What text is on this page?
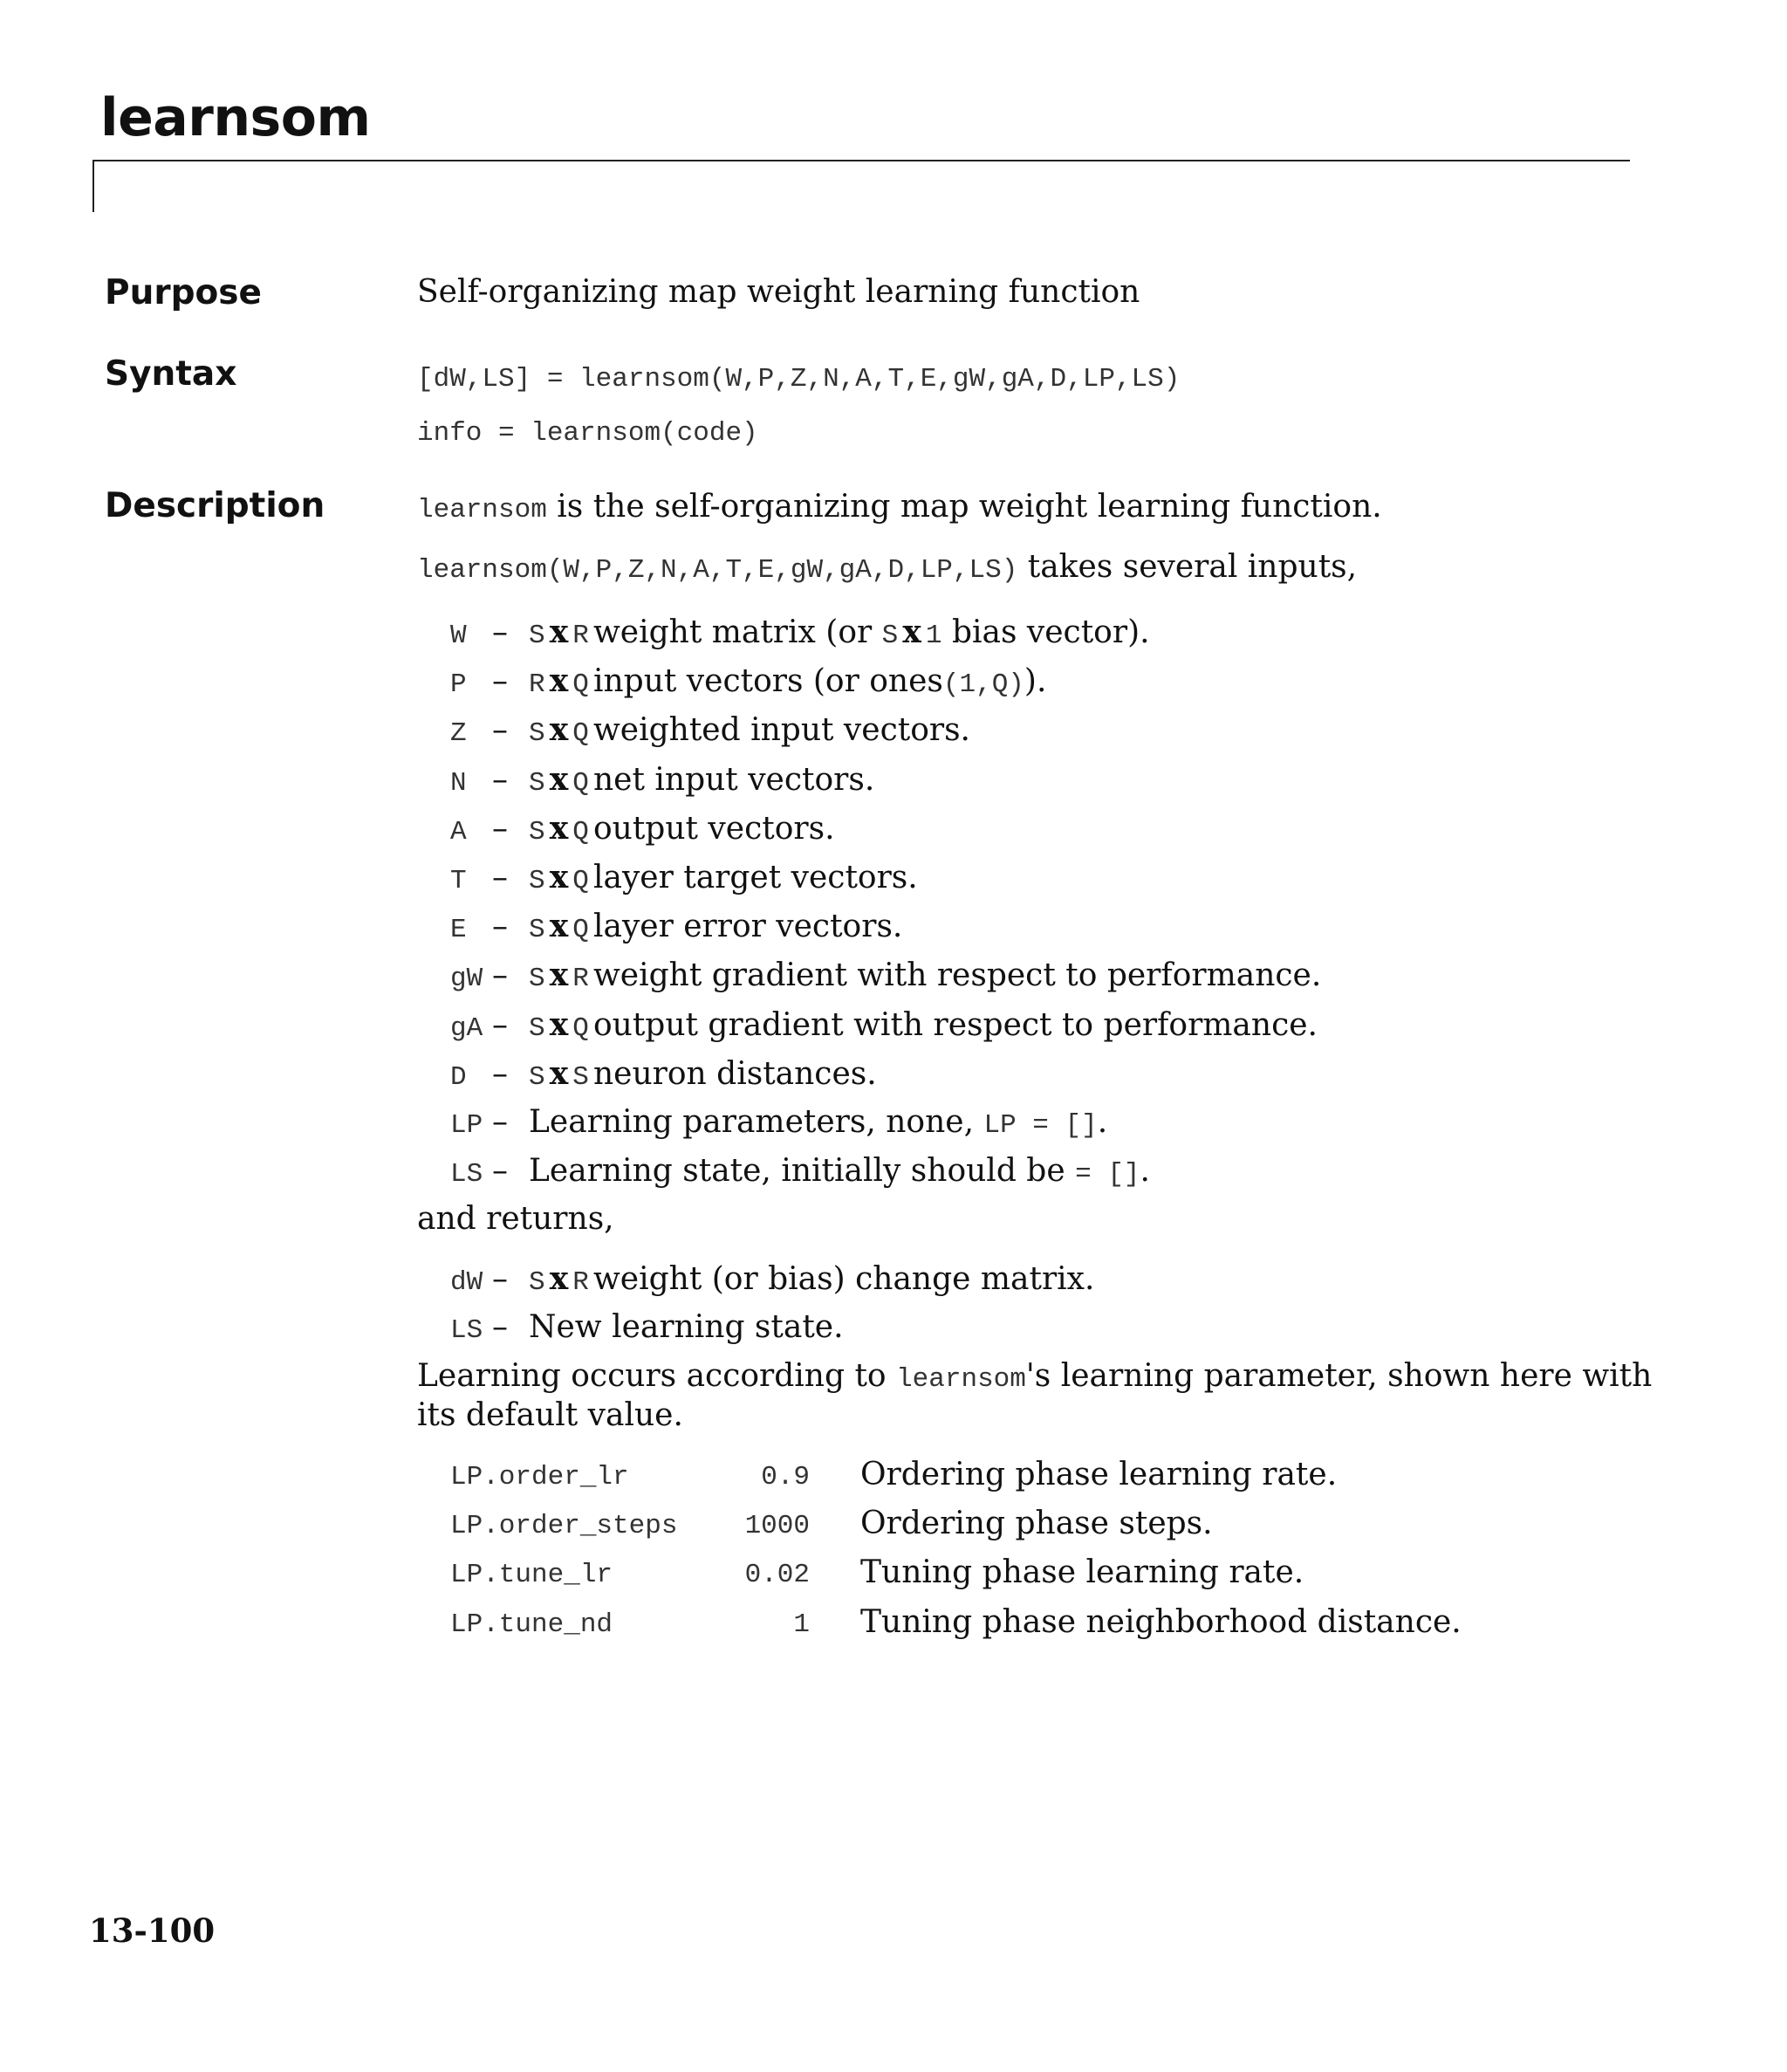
learnsom
Purpose	Self-organizing map weight learning function
Syntax	[dW,LS] = learnsom(W,P,Z,N,A,T,E,gW,gA,D,LP,LS)
info = learnsom(code)
Description	learnsom is the self-organizing map weight learning function.
learnsom(W,P,Z,N,A,T,E,gW,gA,D,LP,LS) takes several inputs,
W – S x R weight matrix (or S x 1 bias vector).
P – R x Q input vectors (or ones(1,Q)).
Z – S x Q weighted input vectors.
N – S x Q net input vectors.
A – S x Q output vectors.
T – S x Q layer target vectors.
E – S x Q layer error vectors.
gW – S x R weight gradient with respect to performance.
gA – S x Q output gradient with respect to performance.
D – S x S neuron distances.
LP – Learning parameters, none, LP = [].
LS – Learning state, initially should be = [].
and returns,
dW – S x R weight (or bias) change matrix.
LS – New learning state.
Learning occurs according to learnsom's learning parameter, shown here with
its default value.
LP.order_lr	0.9 Ordering phase learning rate.
LP.order_steps	1000 Ordering phase steps.
LP.tune_lr	0.02 Tuning phase learning rate.
LP.tune_nd	1 Tuning phase neighborhood distance.
13-100
